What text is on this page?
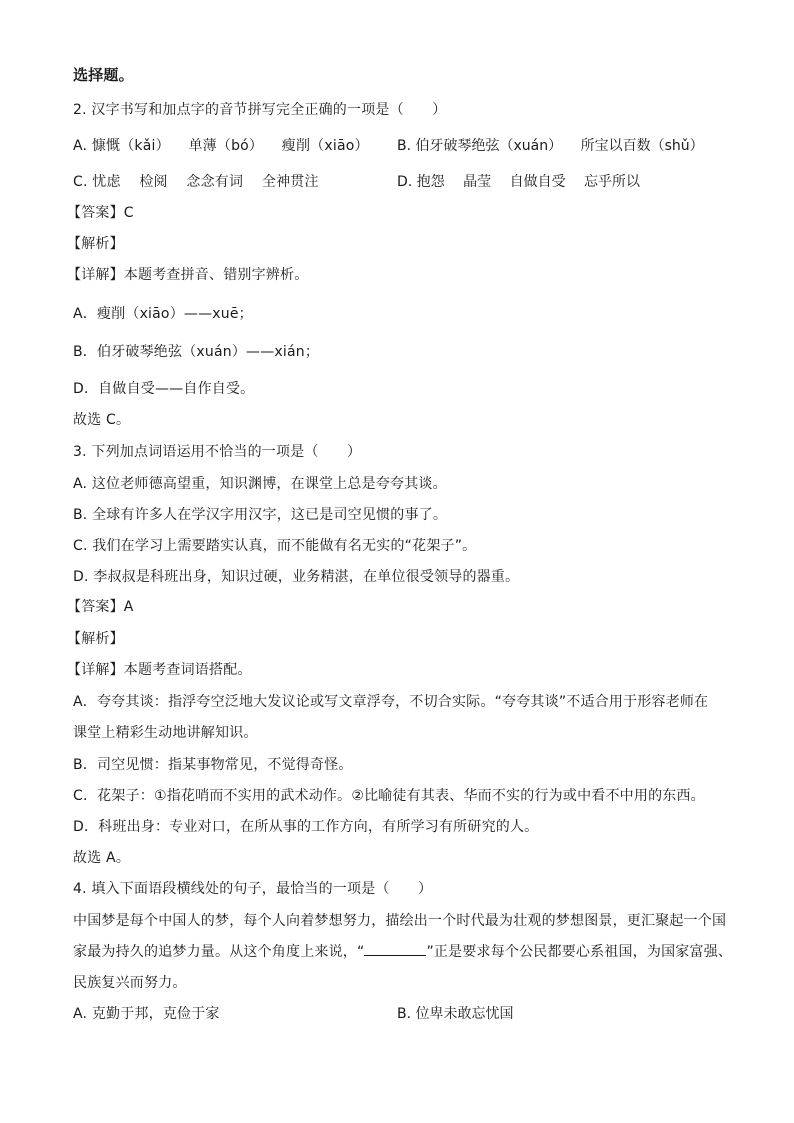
选择题。
2. 汉字书写和加点字的音节拼写完全正确的一项是（　　）
A. 慷慨（kǎi） 单薄（bó） 瘦削（xiāo） B. 伯牙破琴绝弦（xuán） 所宝以百数（shǔ）
C. 忧虑 检阅 念念有词 全神贯注	D. 抱怨 晶莹 自做自受 忘乎所以
【答案】C
【解析】
【详解】本题考查拼音、错别字辨析。
A．瘦削（xiāo）——xuē；
B．伯牙破琴绝弦（xuán）——xián；
D．自做自受——自作自受。
故选 C。
3. 下列加点词语运用不恰当的一项是（　　）
A. 这位老师德高望重，知识渊博，在课堂上总是夸夸其谈。
B. 全球有许多人在学汉字用汉字，这已是司空见惯的事了。
C. 我们在学习上需要踏实认真，而不能做有名无实的“花架子”。
D. 李叔叔是科班出身，知识过硬，业务精湛，在单位很受领导的器重。
【答案】A
【解析】
【详解】本题考查词语搭配。
A．夸夸其谈：指浮夸空泛地大发议论或写文章浮夸，不切合实际。“夸夸其谈”不适合用于形容老师在
课堂上精彩生动地讲解知识。
B．司空见惯：指某事物常见，不觉得奇怪。
C．花架子：①指花哨而不实用的武术动作。②比喻徒有其表、华而不实的行为或中看不中用的东西。
D．科班出身：专业对口，在所从事的工作方向，有所学习有所研究的人。
故选 A。
4. 填入下面语段横线处的句子，最恰当的一项是（　　）
中国梦是每个中国人的梦，每个人向着梦想努力，描绘出一个时代最为壮观的梦想图景，更汇聚起一个国
家最为持久的追梦力量。从这个角度上来说，“	”正是要求每个公民都要心系祖国，为国家富强、
民族复兴而努力。
A. 克勤于邦，克俭于家	B. 位卑未敢忘忧国
